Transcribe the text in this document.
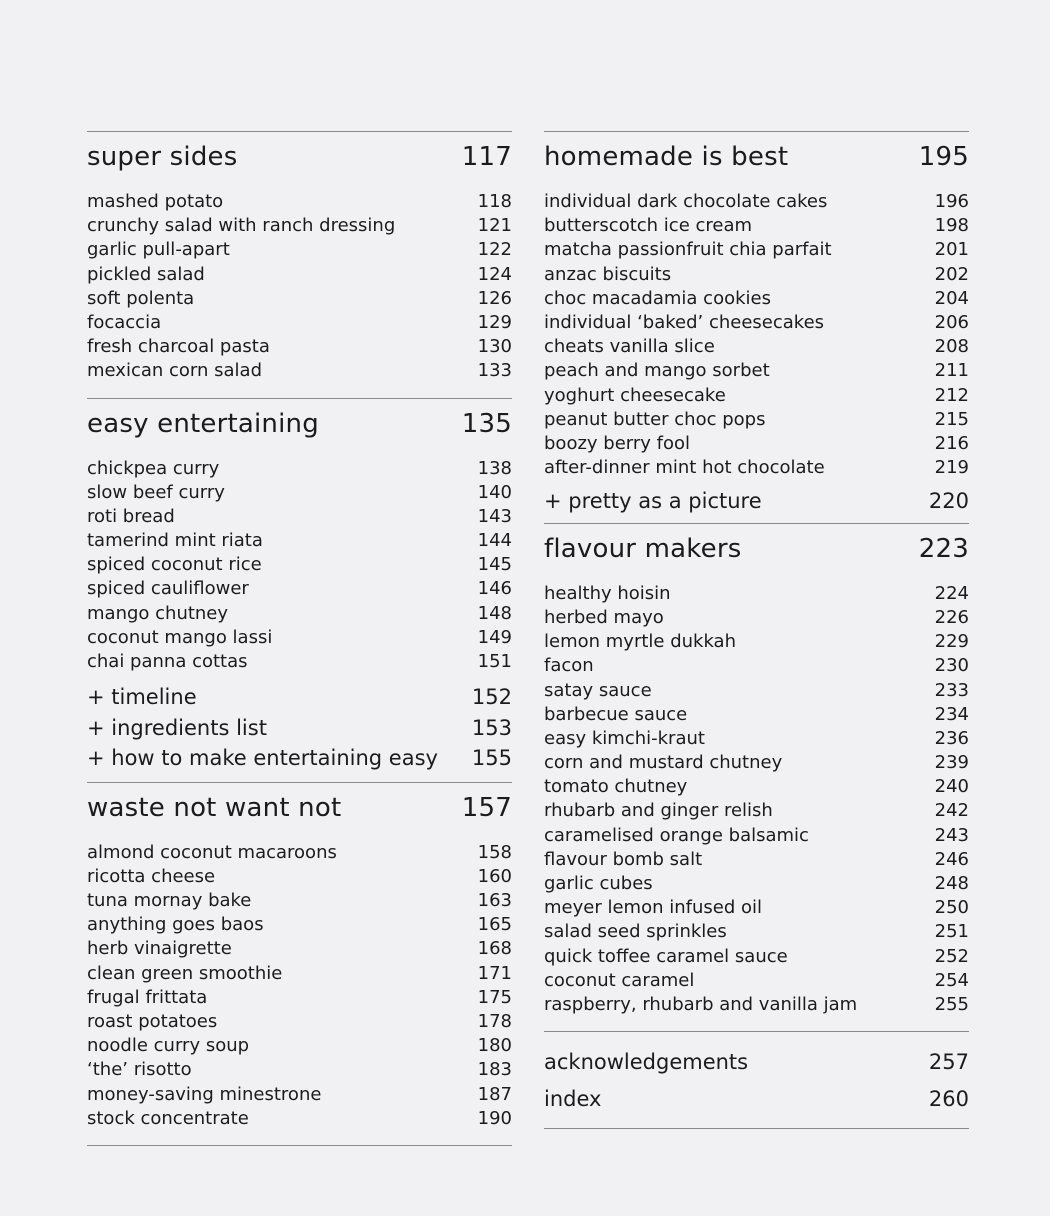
super sides	117
mashed potato	118
crunchy salad with ranch dressing	121
garlic pull-apart	122
pickled salad	124
soft polenta	126
focaccia	129
fresh charcoal pasta	130
mexican corn salad	133
easy entertaining	135
chickpea curry	138
slow beef curry	140
roti bread	143
tamerind mint riata	144
spiced coconut rice	145
spiced cauliflower	146
mango chutney	148
coconut mango lassi	149
chai panna cottas	151
+ timeline	152
+ ingredients list	153
+ how to make entertaining easy 155
waste not want not	157
almond coconut macaroons	158
ricotta cheese	160
tuna mornay bake	163
anything goes baos	165
herb vinaigrette	168
clean green smoothie	171
frugal frittata	175
roast potatoes	178
noodle curry soup	180
‘the’ risotto	183
money-saving minestrone	187
stock concentrate	190
homemade is best	195
individual dark chocolate cakes	196
butterscotch ice cream	198
matcha passionfruit chia parfait	201
anzac biscuits	202
choc macadamia cookies	204
individual ‘baked’ cheesecakes	206
cheats vanilla slice	208
peach and mango sorbet	211
yoghurt cheesecake	212
peanut butter choc pops	215
boozy berry fool	216
after-dinner mint hot chocolate	219
+ pretty as a picture	220
flavour makers	223
healthy hoisin	224
herbed mayo	226
lemon myrtle dukkah	229
facon	230
satay sauce	233
barbecue sauce	234
easy kimchi-kraut	236
corn and mustard chutney	239
tomato chutney	240
rhubarb and ginger relish	242
caramelised orange balsamic	243
flavour bomb salt	246
garlic cubes	248
meyer lemon infused oil	250
salad seed sprinkles	251
quick toffee caramel sauce	252
coconut caramel	254
raspberry, rhubarb and vanilla jam	255
acknowledgements	257
index	260
